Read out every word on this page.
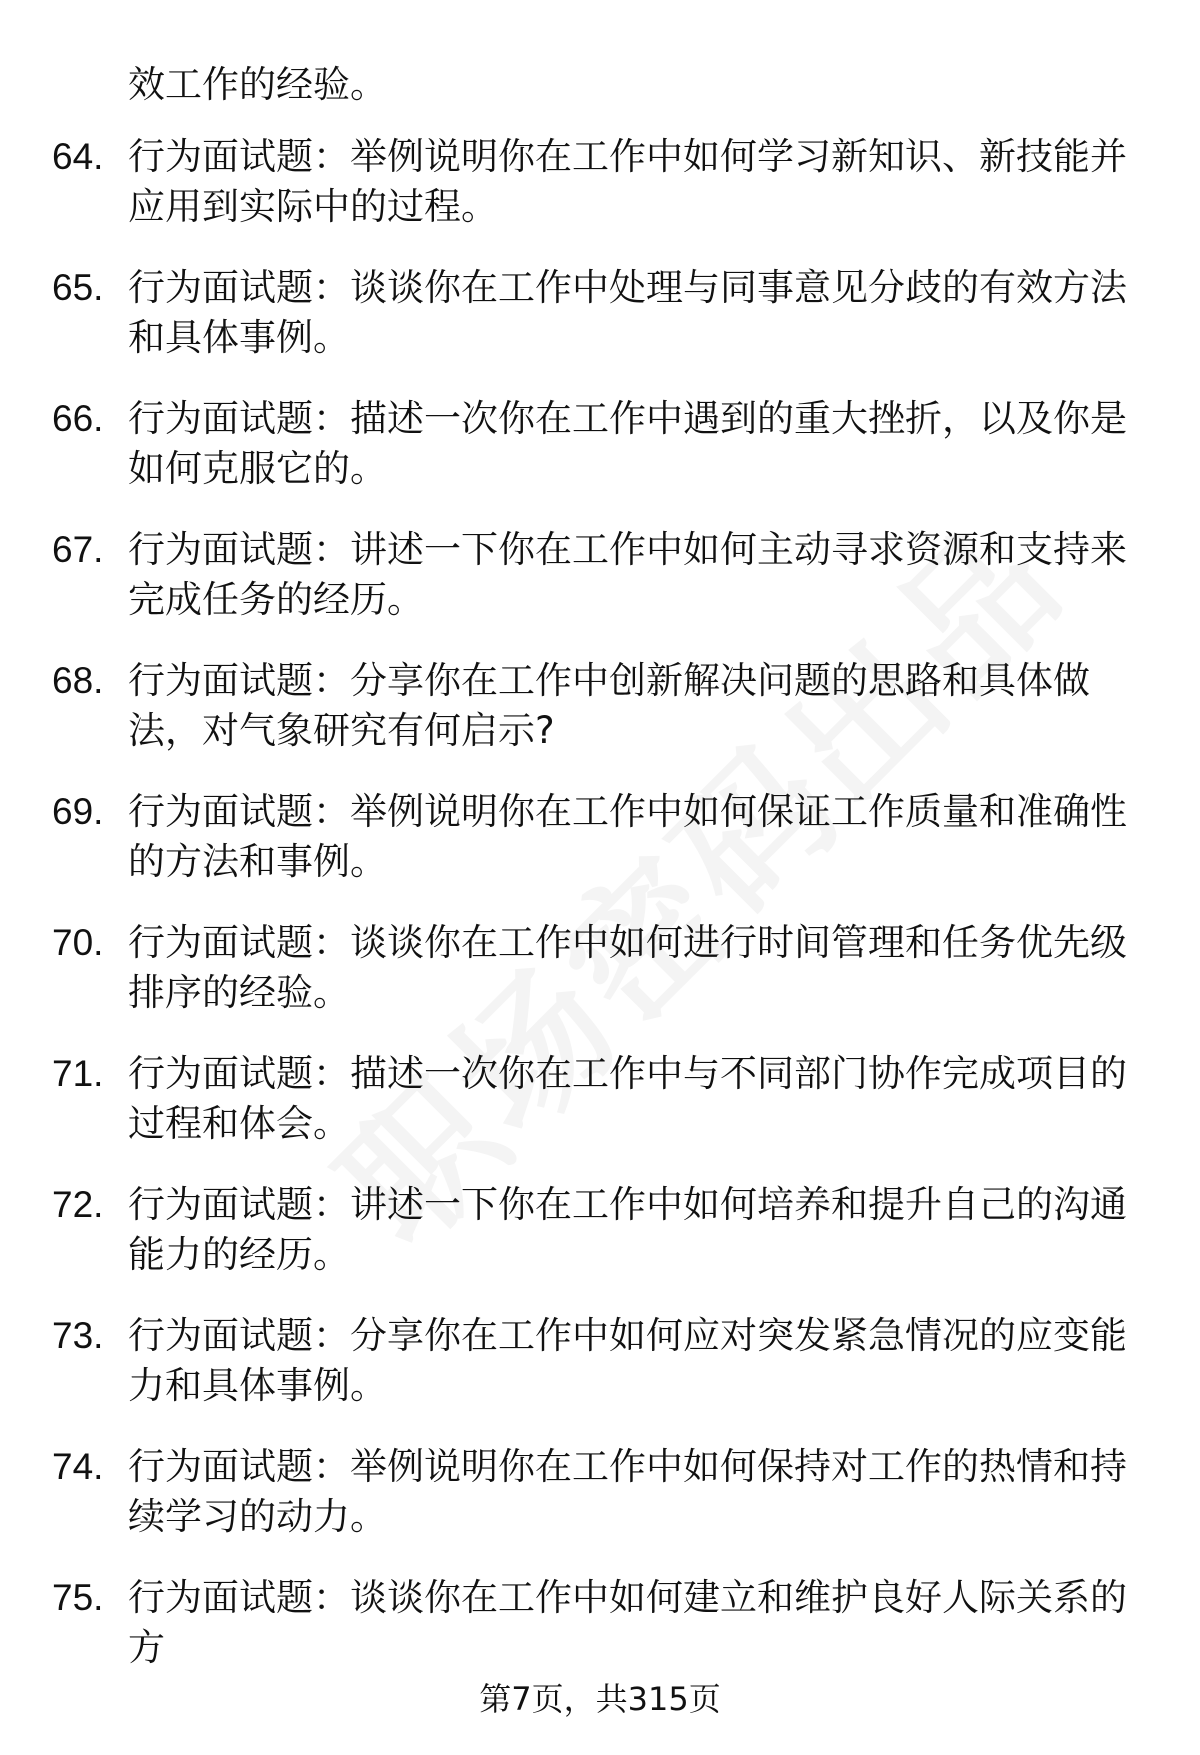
效工作的经验。

64. 行为面试题：举例说明你在工作中如何学习新知识、新技能并应用到实际中的过程。
65. 行为面试题：谈谈你在工作中处理与同事意见分歧的有效方法和具体事例。
66. 行为面试题：描述一次你在工作中遇到的重大挫折，以及你是如何克服它的。
67. 行为面试题：讲述一下你在工作中如何主动寻求资源和支持来完成任务的经历。
68. 行为面试题：分享你在工作中创新解决问题的思路和具体做法，对气象研究有何启示?
69. 行为面试题：举例说明你在工作中如何保证工作质量和准确性的方法和事例。
70. 行为面试题：谈谈你在工作中如何进行时间管理和任务优先级排序的经验。
71. 行为面试题：描述一次你在工作中与不同部门协作完成项目的过程和体会。
72. 行为面试题：讲述一下你在工作中如何培养和提升自己的沟通能力的经历。
73. 行为面试题：分享你在工作中如何应对突发紧急情况的应变能力和具体事例。
74. 行为面试题：举例说明你在工作中如何保持对工作的热情和持续学习的动力。
75. 行为面试题：谈谈你在工作中如何建立和维护良好人际关系的方
第7页，共315页
